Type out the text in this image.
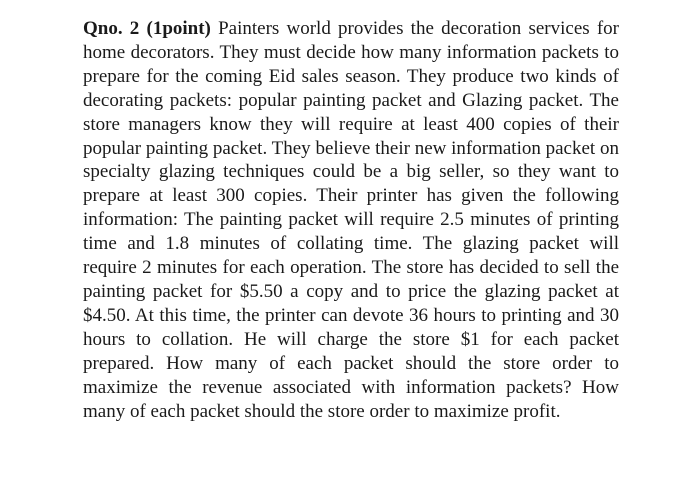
Qno. 2 (1point) Painters world provides the decoration services for home decorators. They must decide how many information packets to prepare for the coming Eid sales season. They produce two kinds of decorating packets: popular painting packet and Glazing packet. The store managers know they will require at least 400 copies of their popular painting packet. They believe their new information packet on specialty glazing techniques could be a big seller, so they want to prepare at least 300 copies. Their printer has given the following information: The painting packet will require 2.5 minutes of printing time and 1.8 minutes of collating time. The glazing packet will require 2 minutes for each operation. The store has decided to sell the painting packet for $5.50 a copy and to price the glazing packet at $4.50. At this time, the printer can devote 36 hours to printing and 30 hours to collation. He will charge the store $1 for each packet prepared. How many of each packet should the store order to maximize the revenue associated with information packets? How many of each packet should the store order to maximize profit.
